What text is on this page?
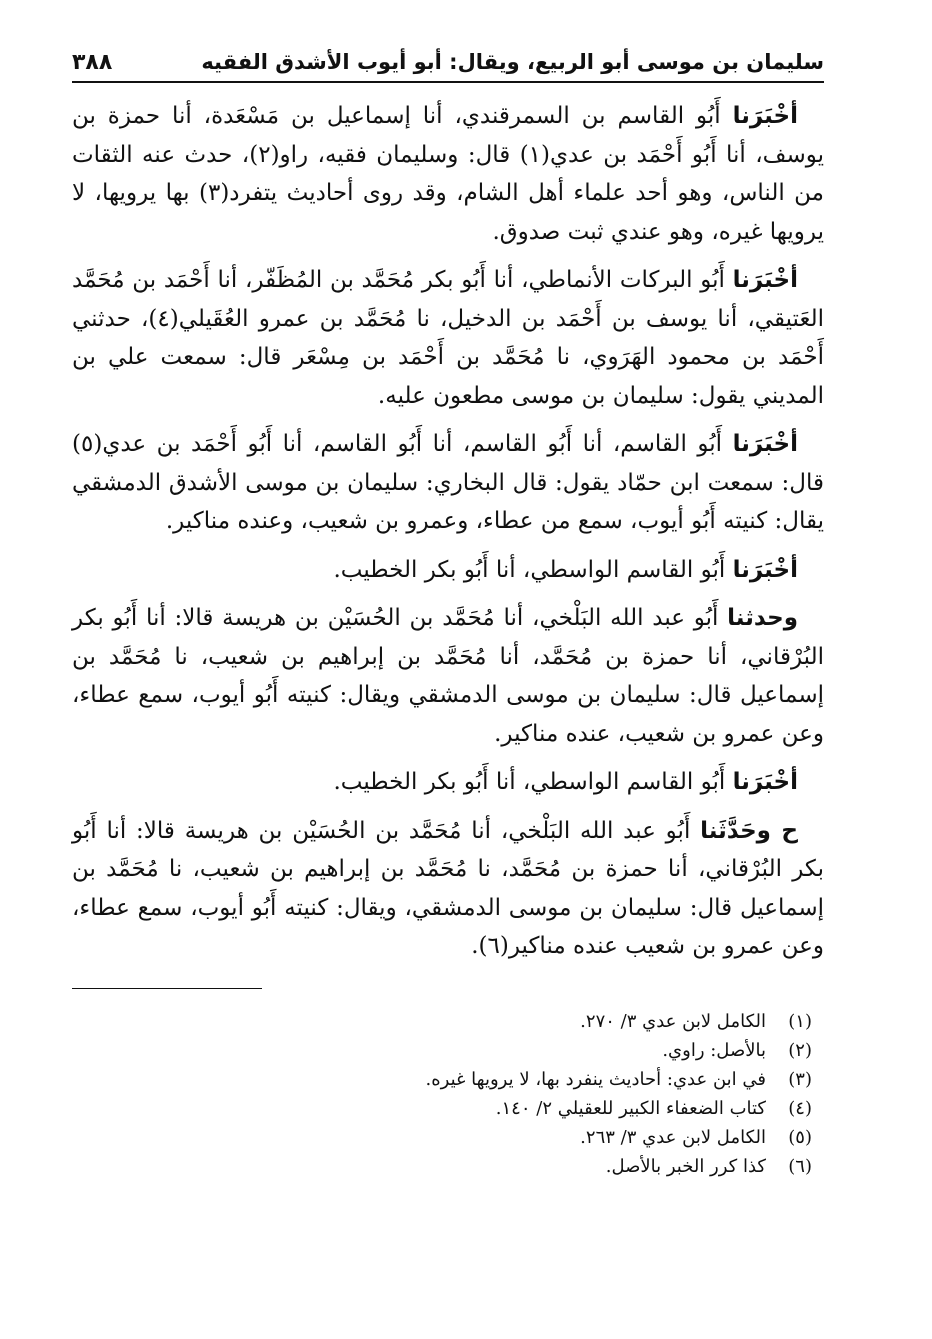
سليمان بن موسى أبو الربيع، ويقال: أبو أيوب الأشدق الفقيه
٣٨٨

أخْبَرَنا أَبُو القاسم بن السمرقندي، أنا إسماعيل بن مَسْعَدة، أنا حمزة بن يوسف، أنا أَبُو أَحْمَد بن عدي(١) قال: وسليمان فقيه، راو(٢)، حدث عنه الثقات من الناس، وهو أحد علماء أهل الشام، وقد روى أحاديث يتفرد(٣) بها يرويها، لا يرويها غيره، وهو عندي ثبت صدوق.

أخْبَرَنا أَبُو البركات الأنماطي، أنا أَبُو بكر مُحَمَّد بن المُظَفّر، أنا أَحْمَد بن مُحَمَّد العَتيقي، أنا يوسف بن أَحْمَد بن الدخيل، نا مُحَمَّد بن عمرو العُقَيلي(٤)، حدثني أَحْمَد بن محمود الهَرَوي، نا مُحَمَّد بن أَحْمَد بن مِسْعَر قال: سمعت علي بن المديني يقول: سليمان بن موسى مطعون عليه.

أخْبَرَنا أَبُو القاسم، أنا أَبُو القاسم، أنا أَبُو القاسم، أنا أَبُو أَحْمَد بن عدي(٥) قال: سمعت ابن حمّاد يقول: قال البخاري: سليمان بن موسى الأشدق الدمشقي يقال: كنيته أَبُو أيوب، سمع من عطاء، وعمرو بن شعيب، وعنده مناكير.

أخْبَرَنا أَبُو القاسم الواسطي، أنا أَبُو بكر الخطيب.

وحدثنا أَبُو عبد الله البَلْخي، أنا مُحَمَّد بن الحُسَيْن بن هريسة قالا: أنا أَبُو بكر البُرْقاني، أنا حمزة بن مُحَمَّد، أنا مُحَمَّد بن إبراهيم بن شعيب، نا مُحَمَّد بن إسماعيل قال: سليمان بن موسى الدمشقي ويقال: كنيته أَبُو أيوب، سمع عطاء، وعن عمرو بن شعيب، عنده مناكير.

أخْبَرَنا أَبُو القاسم الواسطي، أنا أَبُو بكر الخطيب.

ح وحَدَّثَنا أَبُو عبد الله البَلْخي، أنا مُحَمَّد بن الحُسَيْن بن هريسة قالا: أنا أَبُو بكر البُرْقاني، أنا حمزة بن مُحَمَّد، نا مُحَمَّد بن إبراهيم بن شعيب، نا مُحَمَّد بن إسماعيل قال: سليمان بن موسى الدمشقي، ويقال: كنيته أَبُو أيوب، سمع عطاء، وعن عمرو بن شعيب عنده مناكير(٦).

(١)
الكامل لابن عدي ٣/ ٢٧٠.
(٢)
بالأصل: راوي.
(٣)
في ابن عدي: أحاديث ينفرد بها، لا يرويها غيره.
(٤)
كتاب الضعفاء الكبير للعقيلي ٢/ ١٤٠.
(٥)
الكامل لابن عدي ٣/ ٢٦٣.
(٦)
كذا كرر الخبر بالأصل.
